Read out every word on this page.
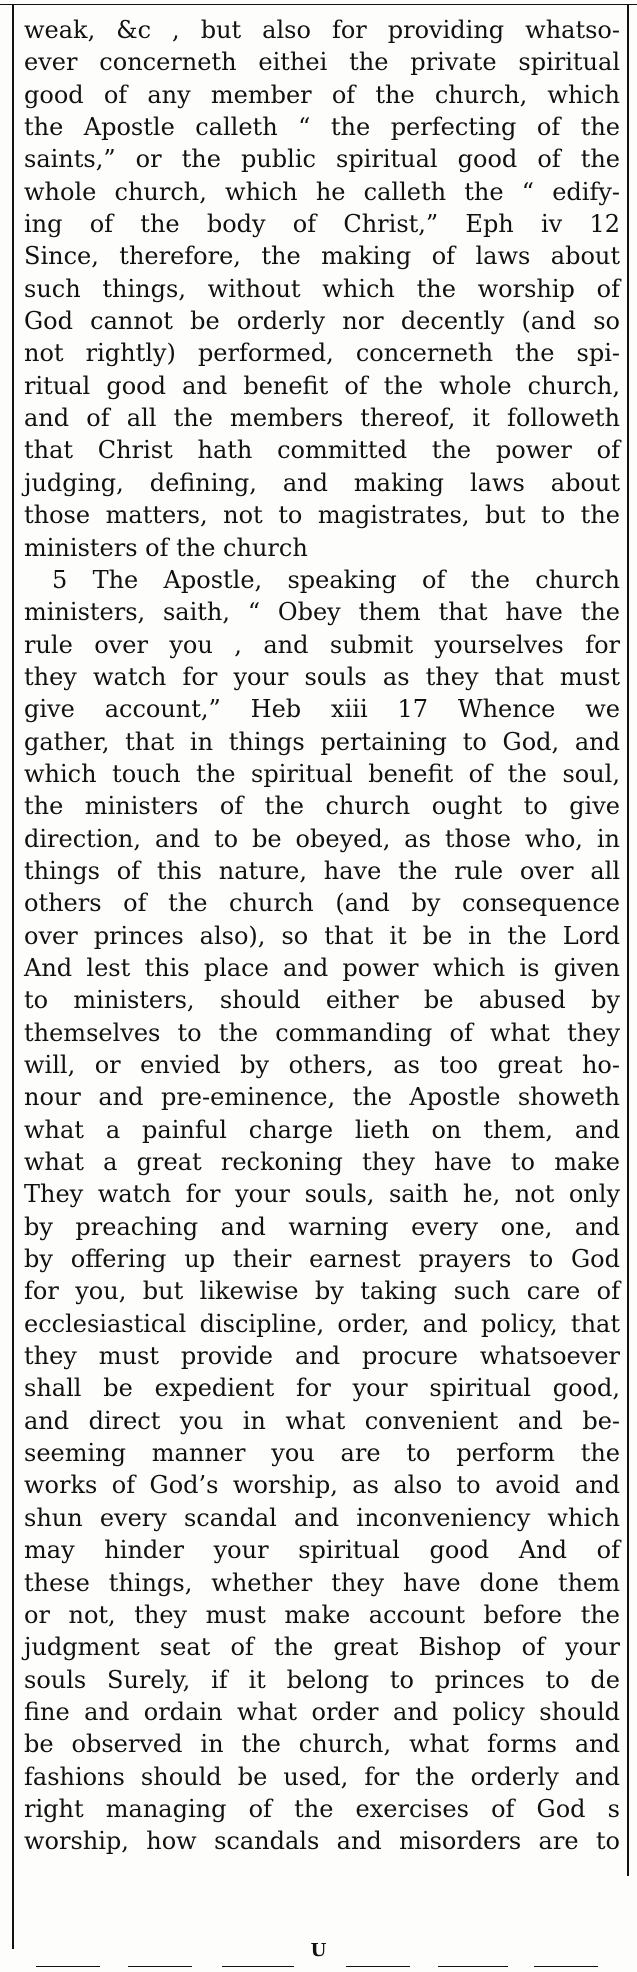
weak, &c , but also for providing whatso-
ever concerneth eithei the private spiritual
good of any member of the church, which
the Apostle calleth “ the perfecting of the
saints,” or the public spiritual good of the
whole church, which he calleth the “ edify-
ing of the body of Christ,” Eph iv 12
Since, therefore, the making of laws about
such things, without which the worship of
God cannot be orderly nor decently (and so
not rightly) performed, concerneth the spi-
ritual good and benefit of the whole church,
and of all the members thereof, it followeth
that Christ hath committed the power of
judging, defining, and making laws about
those matters, not to magistrates, but to the
ministers of the church
5 The Apostle, speaking of the church
ministers, saith, “ Obey them that have the
rule over you , and submit yourselves for
they watch for your souls as they that must
give account,” Heb xiii 17 Whence we
gather, that in things pertaining to God, and
which touch the spiritual benefit of the soul,
the ministers of the church ought to give
direction, and to be obeyed, as those who, in
things of this nature, have the rule over all
others of the church (and by consequence
over princes also), so that it be in the Lord
And lest this place and power which is given
to ministers, should either be abused by
themselves to the commanding of what they
will, or envied by others, as too great ho-
nour and pre-eminence, the Apostle showeth
what a painful charge lieth on them, and
what a great reckoning they have to make
They watch for your souls, saith he, not only
by preaching and warning every one, and
by offering up their earnest prayers to God
for you, but likewise by taking such care of
ecclesiastical discipline, order, and policy, that
they must provide and procure whatsoever
shall be expedient for your spiritual good,
and direct you in what convenient and be-
seeming manner you are to perform the
works of God’s worship, as also to avoid and
shun every scandal and inconveniency which
may hinder your spiritual good And of
these things, whether they have done them
or not, they must make account before the
judgment seat of the great Bishop of your
souls Surely, if it belong to princes to de
fine and ordain what order and policy should
be observed in the church, what forms and
fashions should be used, for the orderly and
right managing of the exercises of God s
worship, how scandals and misorders are to
U
